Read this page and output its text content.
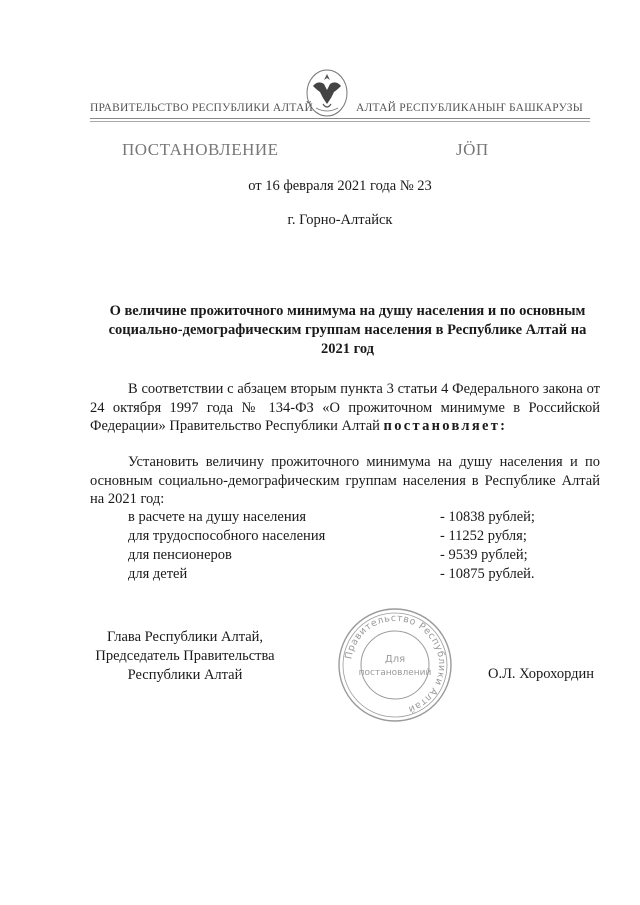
ПРАВИТЕЛЬСТВО РЕСПУБЛИКИ АЛТАЙ	АЛТАЙ РЕСПУБЛИКАНЫҤ БАШКАРУЗЫ
ПОСТАНОВЛЕНИЕ	JÖП
от 16 февраля 2021 года № 23
г. Горно-Алтайск
О величине прожиточного минимума на душу населения и по основным социально-демографическим группам населения в Республике Алтай на 2021 год
В соответствии с абзацем вторым пункта 3 статьи 4 Федерального закона от 24 октября 1997 года № 134-ФЗ «О прожиточном минимуме в Российской Федерации» Правительство Республики Алтай постановляет:
Установить величину прожиточного минимума на душу населения и по основным социально-демографическим группам населения в Республике Алтай на 2021 год:
в расчете на душу населения	- 10838 рублей;
для трудоспособного населения	- 11252 рубля;
для пенсионеров	- 9539 рублей;
для детей	- 10875 рублей.
Глава Республики Алтай,
Председатель Правительства
Республики Алтай
Правительство Республики Алтай
Для
постановлений	О.Л. Хорохордин
